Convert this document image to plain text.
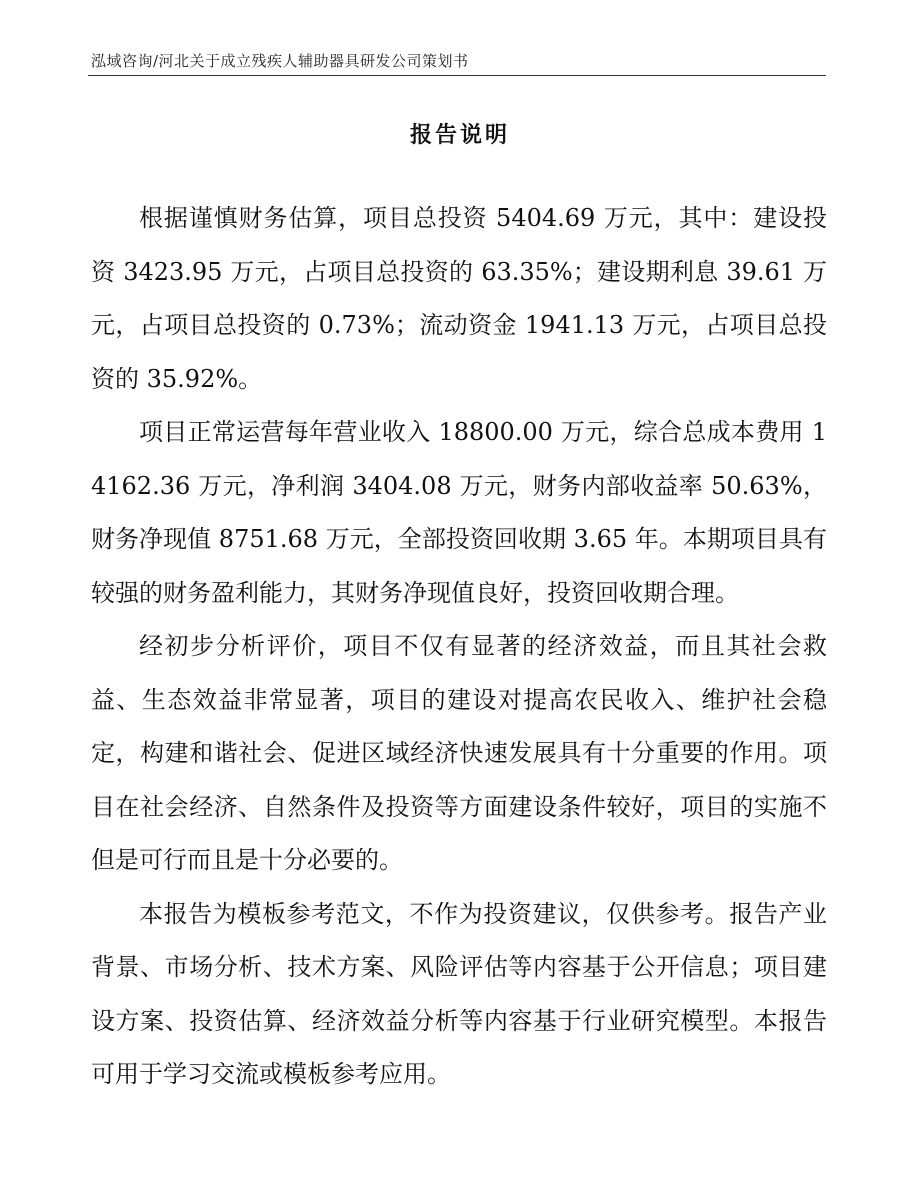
泓域咨询/河北关于成立残疾人辅助器具研发公司策划书
报告说明

根据谨慎财务估算，项目总投资 5404.69 万元，其中：建设投资 3423.95 万元，占项目总投资的 63.35%；建设期利息 39.61 万元，占项目总投资的 0.73%；流动资金 1941.13 万元，占项目总投资的 35.92%。

项目正常运营每年营业收入 18800.00 万元，综合总成本费用 14162.36 万元，净利润 3404.08 万元，财务内部收益率 50.63%，财务净现值 8751.68 万元，全部投资回收期 3.65 年。本期项目具有较强的财务盈利能力，其财务净现值良好，投资回收期合理。

经初步分析评价，项目不仅有显著的经济效益，而且其社会救益、生态效益非常显著，项目的建设对提高农民收入、维护社会稳定，构建和谐社会、促进区域经济快速发展具有十分重要的作用。项目在社会经济、自然条件及投资等方面建设条件较好，项目的实施不但是可行而且是十分必要的。

本报告为模板参考范文，不作为投资建议，仅供参考。报告产业背景、市场分析、技术方案、风险评估等内容基于公开信息；项目建设方案、投资估算、经济效益分析等内容基于行业研究模型。本报告可用于学习交流或模板参考应用。
